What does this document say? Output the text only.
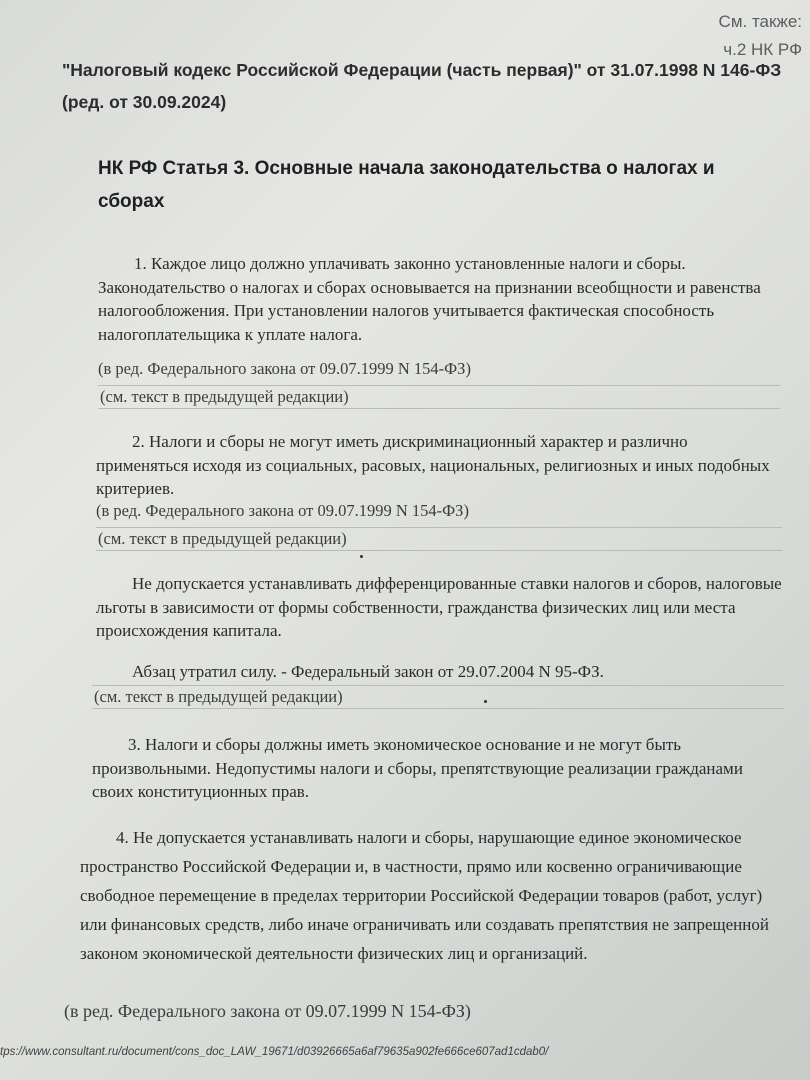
См. также:
ч.2 НК РФ
"Налоговый кодекс Российской Федерации (часть первая)" от 31.07.1998 N 146-ФЗ
(ред. от 30.09.2024)
НК РФ Статья 3. Основные начала законодательства о налогах и
сборах
1. Каждое лицо должно уплачивать законно установленные налоги и сборы. Законодательство о налогах и сборах основывается на признании всеобщности и равенства налогообложения. При установлении налогов учитывается фактическая способность налогоплательщика к уплате налога.
(в ред. Федерального закона от 09.07.1999 N 154-ФЗ)
(см. текст в предыдущей редакции)
2. Налоги и сборы не могут иметь дискриминационный характер и различно применяться исходя из социальных, расовых, национальных, религиозных и иных подобных критериев.
(в ред. Федерального закона от 09.07.1999 N 154-ФЗ)
(см. текст в предыдущей редакции)
Не допускается устанавливать дифференцированные ставки налогов и сборов, налоговые льготы в зависимости от формы собственности, гражданства физических лиц или места происхождения капитала.
Абзац утратил силу. - Федеральный закон от 29.07.2004 N 95-ФЗ.
(см. текст в предыдущей редакции)
3. Налоги и сборы должны иметь экономическое основание и не могут быть произвольными. Недопустимы налоги и сборы, препятствующие реализации гражданами своих конституционных прав.
4. Не допускается устанавливать налоги и сборы, нарушающие единое экономическое пространство Российской Федерации и, в частности, прямо или косвенно ограничивающие свободное перемещение в пределах территории Российской Федерации товаров (работ, услуг) или финансовых средств, либо иначе ограничивать или создавать препятствия не запрещенной законом экономической деятельности физических лиц и организаций.
(в ред. Федерального закона от 09.07.1999 N 154-ФЗ)
tps://www.consultant.ru/document/cons_doc_LAW_19671/d03926665a6af79635a902fe666ce607ad1cdab0/
